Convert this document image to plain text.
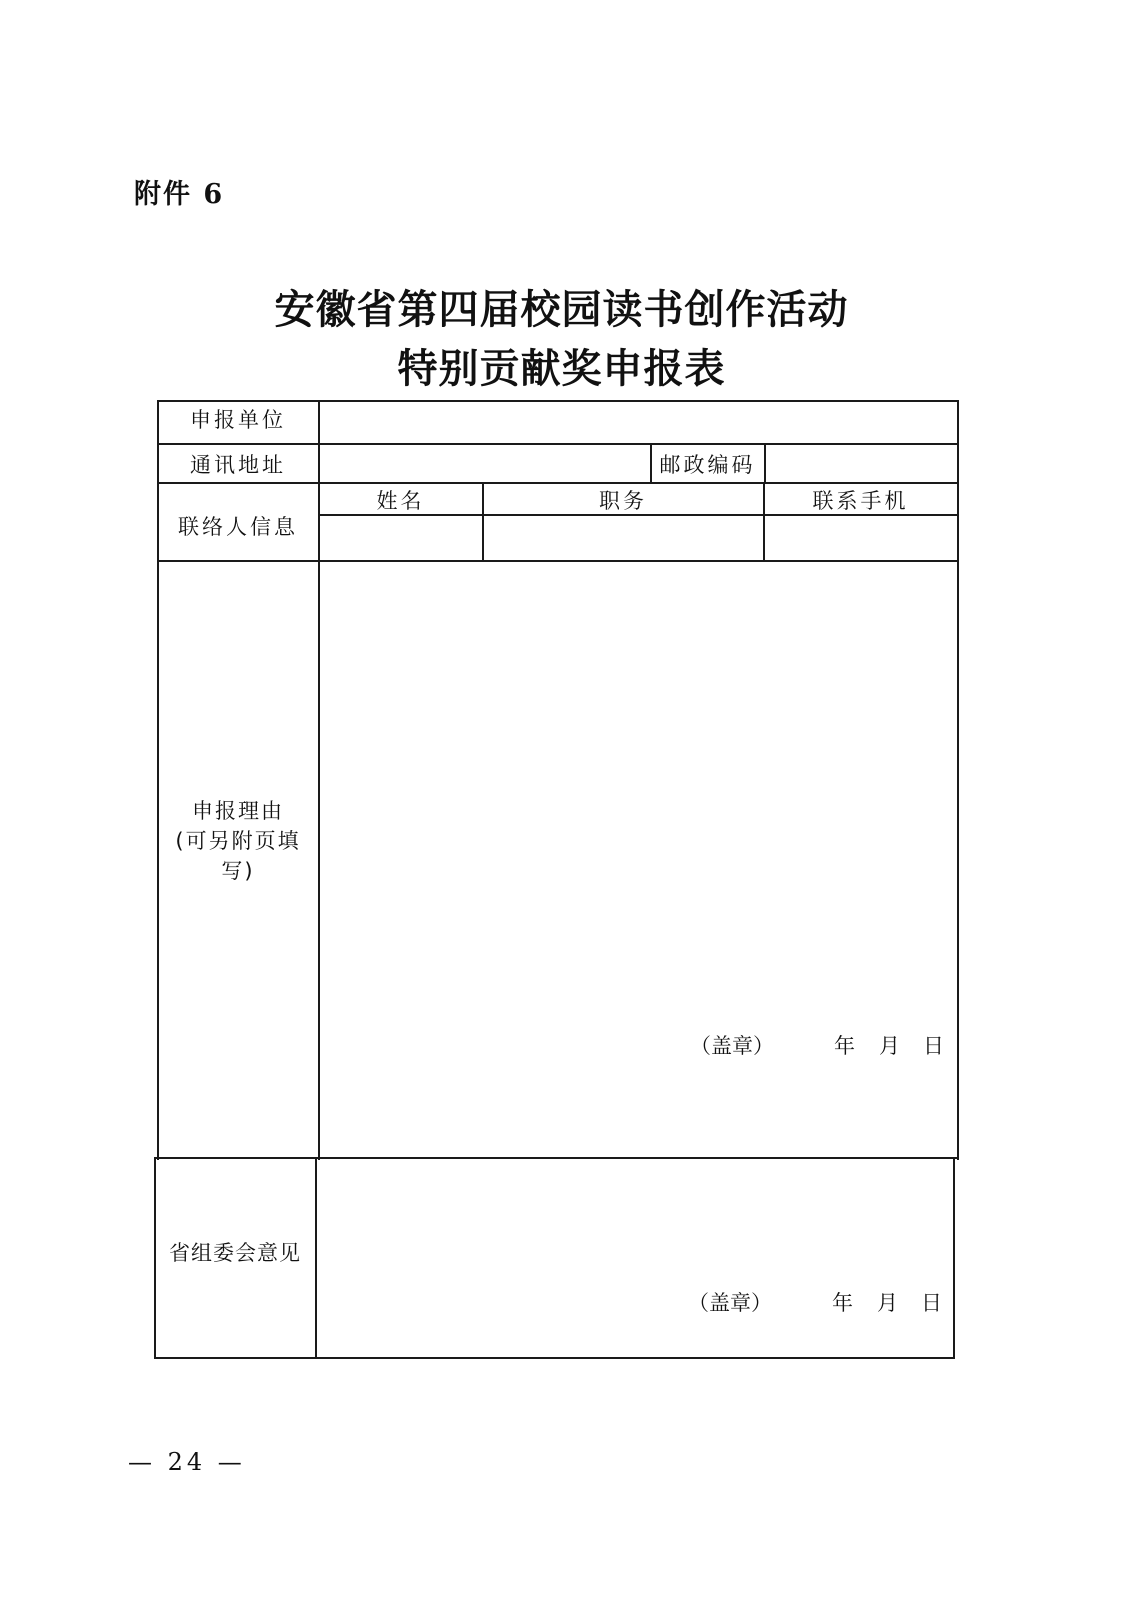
附件 6
安徽省第四届校园读书创作活动
特别贡献奖申报表
申报单位
通讯地址	邮政编码
联络人信息
姓名	职务	联系手机
申报理由
(可另附页填
写)
（盖章）	年 月 日
省组委会意见
（盖章）	年 月 日
— 24 —
